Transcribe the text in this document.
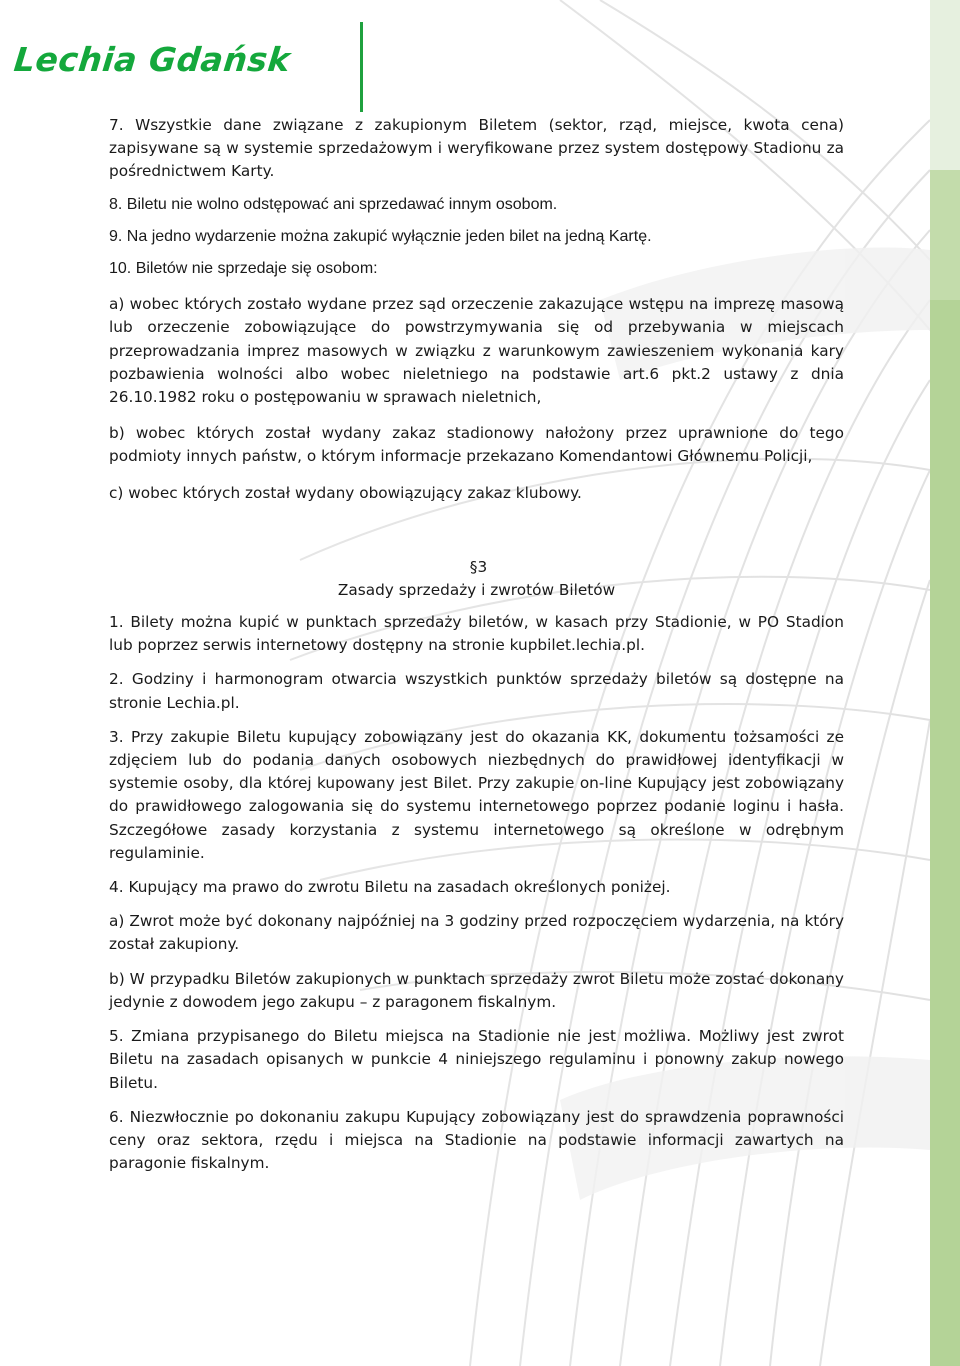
Lechia Gdańsk

7. Wszystkie dane związane z zakupionym Biletem (sektor, rząd, miejsce, kwota cena) zapisywane są w systemie sprzedażowym i weryfikowane przez system dostępowy Stadionu za pośrednictwem Karty.

8. Biletu nie wolno odstępować ani sprzedawać innym osobom.

9. Na jedno wydarzenie można zakupić wyłącznie jeden bilet na jedną Kartę.

10. Biletów nie sprzedaje się osobom:

a) wobec których zostało wydane przez sąd orzeczenie zakazujące wstępu na imprezę masową lub orzeczenie zobowiązujące do powstrzymywania się od przebywania w miejscach przeprowadzania imprez masowych w związku z warunkowym zawieszeniem wykonania kary pozbawienia wolności albo wobec nieletniego na podstawie art.6 pkt.2 ustawy z dnia 26.10.1982 roku o postępowaniu w sprawach nieletnich,

b) wobec których został wydany zakaz stadionowy nałożony przez uprawnione do tego podmioty innych państw, o którym informacje przekazano Komendantowi Głównemu Policji,

c) wobec których został wydany obowiązujący zakaz klubowy.

§3

Zasady sprzedaży i zwrotów Biletów

1. Bilety można kupić w punktach sprzedaży biletów, w kasach przy Stadionie, w PO Stadion lub poprzez serwis internetowy dostępny na stronie kupbilet.lechia.pl.

2. Godziny i harmonogram otwarcia wszystkich punktów sprzedaży biletów są dostępne na stronie Lechia.pl.

3. Przy zakupie Biletu kupujący zobowiązany jest do okazania KK, dokumentu tożsamości ze zdjęciem lub do podania danych osobowych niezbędnych do prawidłowej identyfikacji w systemie osoby, dla której kupowany jest Bilet. Przy zakupie on-line Kupujący jest zobowiązany do prawidłowego zalogowania się do systemu internetowego poprzez podanie loginu i hasła. Szczegółowe zasady korzystania z systemu internetowego są określone w odrębnym regulaminie.

4. Kupujący ma prawo do zwrotu Biletu na zasadach określonych poniżej.

a) Zwrot może być dokonany najpóźniej na 3 godziny przed rozpoczęciem wydarzenia, na który został zakupiony.

b) W przypadku Biletów zakupionych w punktach sprzedaży zwrot Biletu może zostać dokonany jedynie z dowodem jego zakupu – z paragonem fiskalnym.

5. Zmiana przypisanego do Biletu miejsca na Stadionie nie jest możliwa. Możliwy jest zwrot Biletu na zasadach opisanych w punkcie 4 niniejszego regulaminu i ponowny zakup nowego Biletu.

6. Niezwłocznie po dokonaniu zakupu Kupujący zobowiązany jest do sprawdzenia poprawności ceny oraz sektora, rzędu i miejsca na Stadionie na podstawie informacji zawartych na paragonie fiskalnym.
